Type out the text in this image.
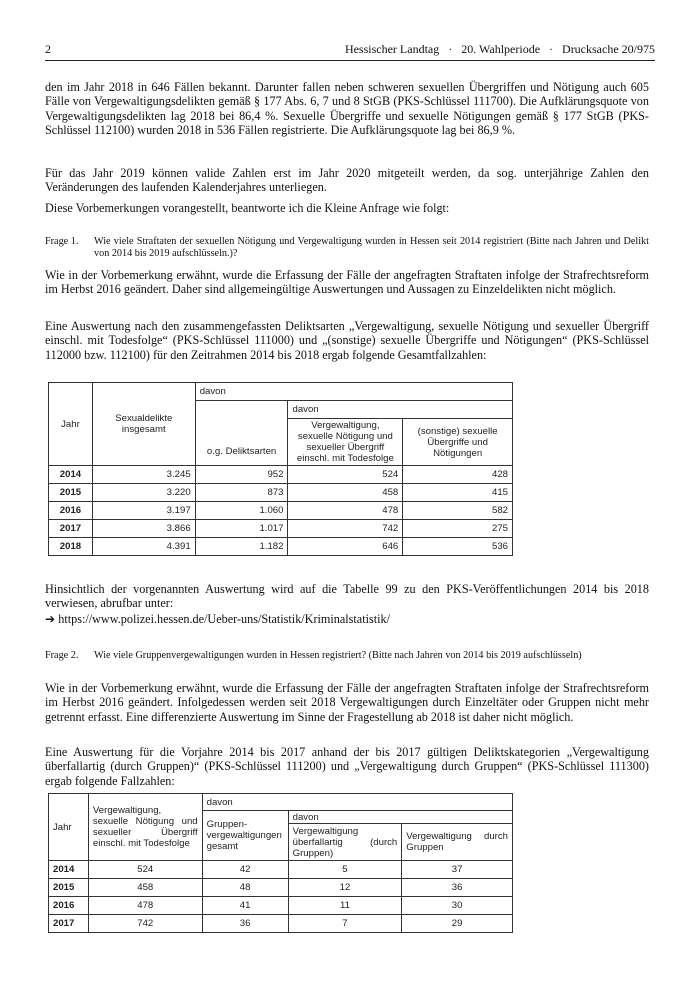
2	Hessischer Landtag   ·   20. Wahlperiode   ·   Drucksache 20/975

den im Jahr 2018 in 646 Fällen bekannt. Darunter fallen neben schweren sexuellen Übergriffen und Nötigung auch 605 Fälle von Vergewaltigungsdelikten gemäß § 177 Abs. 6, 7 und 8 StGB (PKS-Schlüssel 111700). Die Aufklärungsquote von Vergewaltigungsdelikten lag 2018 bei 86,4 %. Sexuelle Übergriffe und sexuelle Nötigungen gemäß § 177 StGB (PKS-Schlüssel 112100) wurden 2018 in 536 Fällen registrierte. Die Aufklärungsquote lag bei 86,9 %.

Für das Jahr 2019 können valide Zahlen erst im Jahr 2020 mitgeteilt werden, da sog. unterjährige Zahlen den Veränderungen des laufenden Kalenderjahres unterliegen.

Diese Vorbemerkungen vorangestellt, beantworte ich die Kleine Anfrage wie folgt:

Frage 1. Wie viele Straftaten der sexuellen Nötigung und Vergewaltigung wurden in Hessen seit 2014 registriert (Bitte nach Jahren und Delikt von 2014 bis 2019 aufschlüsseln.)?

Wie in der Vorbemerkung erwähnt, wurde die Erfassung der Fälle der angefragten Straftaten infolge der Strafrechtsreform im Herbst 2016 geändert. Daher sind allgemeingültige Auswertungen und Aussagen zu Einzeldelikten nicht möglich.

Eine Auswertung nach den zusammengefassten Deliktsarten „Vergewaltigung, sexuelle Nötigung und sexueller Übergriff einschl. mit Todesfolge“ (PKS-Schlüssel 111000) und „(sonstige) sexuelle Übergriffe und Nötigungen“ (PKS-Schlüssel 112000 bzw. 112100) für den Zeitrahmen 2014 bis 2018 ergab folgende Gesamtfallzahlen:

Jahr	Sexualdelikte insgesamt	davon		
		o.g. Deliktsarten	davon	
			Vergewaltigung, sexuelle Nötigung und sexueller Übergriff einschl. mit Todesfolge	(sonstige) sexuelle Übergriffe und Nötigungen
2014	3.245	952	524	428
2015	3.220	873	458	415
2016	3.197	1.060	478	582
2017	3.866	1.017	742	275
2018	4.391	1.182	646	536

Hinsichtlich der vorgenannten Auswertung wird auf die Tabelle 99 zu den PKS-Veröffentlichungen 2014 bis 2018 verwiesen, abrufbar unter:

➔ https://www.polizei.hessen.de/Ueber-uns/Statistik/Kriminalstatistik/
Frage 2. Wie viele Gruppenvergewaltigungen wurden in Hessen registriert? (Bitte nach Jahren von 2014 bis 2019 aufschlüsseln)

Wie in der Vorbemerkung erwähnt, wurde die Erfassung der Fälle der angefragten Straftaten infolge der Strafrechtsreform im Herbst 2016 geändert. Infolgedessen werden seit 2018 Vergewaltigungen durch Einzeltäter oder Gruppen nicht mehr getrennt erfasst. Eine differenzierte Auswertung im Sinne der Fragestellung ab 2018 ist daher nicht möglich.

Eine Auswertung für die Vorjahre 2014 bis 2017 anhand der bis 2017 gültigen Deliktskategorien „Vergewaltigung überfallartig (durch Gruppen)“ (PKS-Schlüssel 111200) und „Vergewaltigung durch Gruppen“ (PKS-Schlüssel 111300) ergab folgende Fallzahlen:

Jahr	Vergewaltigung, sexuelle Nötigung und sexueller Übergriff einschl. mit Todesfolge	davon		
		Gruppen-vergewaltigungen gesamt	davon	
			Vergewaltigung überfallartig (durch Gruppen)	Vergewaltigung durch Gruppen
2014	524	42	5	37
2015	458	48	12	36
2016	478	41	11	30
2017	742	36	7	29
